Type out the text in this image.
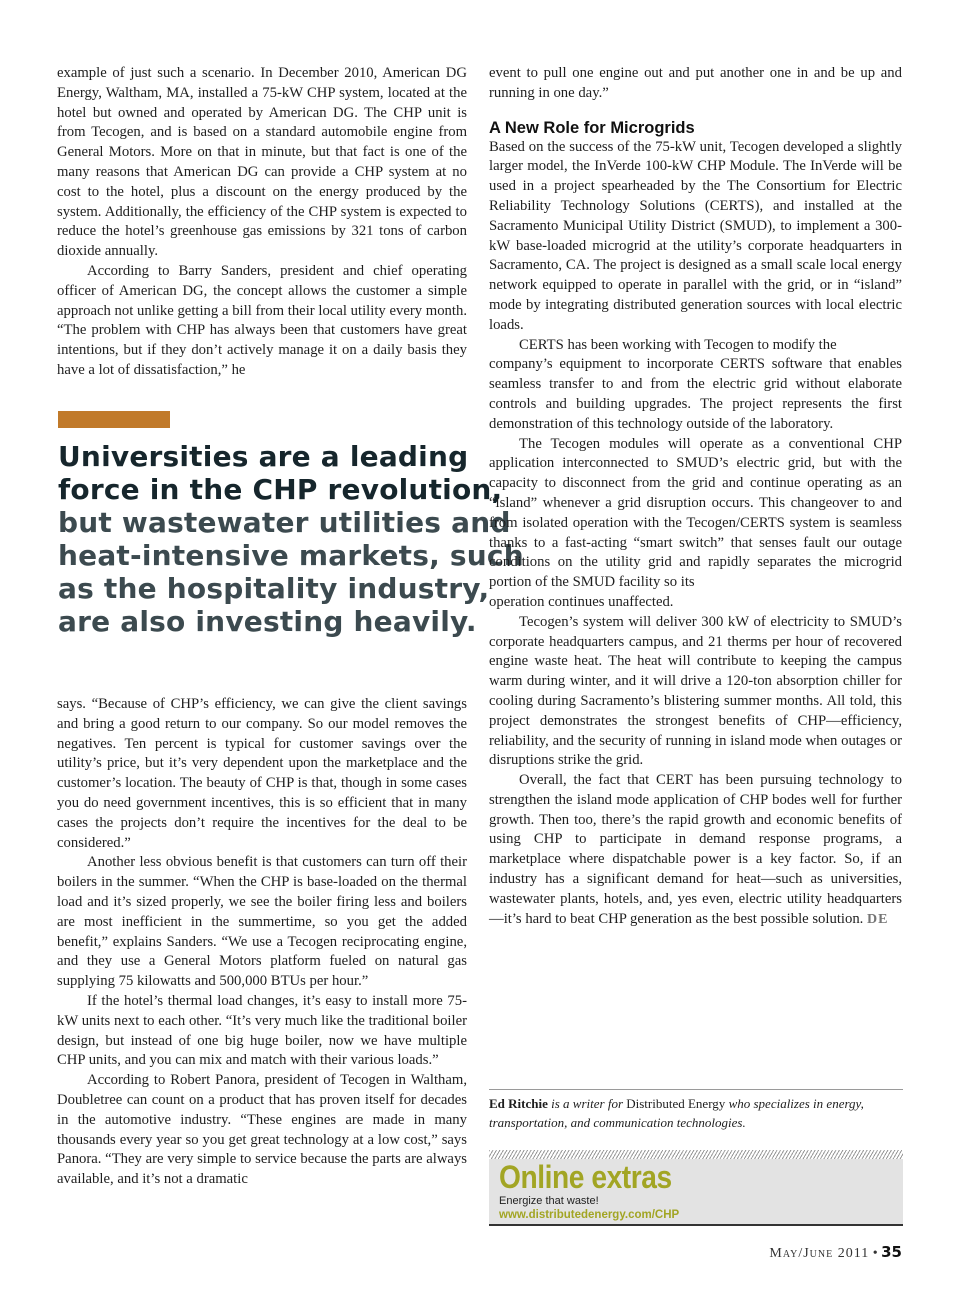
example of just such a scenario. In December 2010, American DG Energy, Waltham, MA, installed a 75-kW CHP system, located at the hotel but owned and operated by American DG. The CHP unit is from Tecogen, and is based on a standard automobile engine from General Motors. More on that in minute, but that fact is one of the many reasons that American DG can provide a CHP system at no cost to the hotel, plus a discount on the energy produced by the system. Additionally, the efficiency of the CHP system is expected to reduce the hotel’s greenhouse gas emissions by 321 tons of carbon dioxide annually.

According to Barry Sanders, president and chief operating officer of American DG, the concept allows the customer a simple approach not unlike getting a bill from their local utility every month. “The problem with CHP has always been that customers have great intentions, but if they don’t actively manage it on a daily basis they have a lot of dissatisfaction,” he

Universities are a leading force in the CHP revolution, but wastewater utilities and heat-intensive markets, such as the hospitality industry, are also investing heavily.

says. “Because of CHP’s efficiency, we can give the client savings and bring a good return to our company. So our model removes the negatives. Ten percent is typical for customer savings over the utility’s price, but it’s very dependent upon the marketplace and the customer’s location. The beauty of CHP is that, though in some cases you do need government incentives, this is so efficient that in many cases the projects don’t require the incentives for the deal to be considered.”

Another less obvious benefit is that customers can turn off their boilers in the summer. “When the CHP is base-loaded on the thermal load and it’s sized properly, we see the boiler firing less and boilers are most inefficient in the summertime, so you get the added benefit,” explains Sanders. “We use a Tecogen reciprocating engine, and they use a General Motors platform fueled on natural gas supplying 75 kilowatts and 500,000 BTUs per hour.”

If the hotel’s thermal load changes, it’s easy to install more 75-kW units next to each other. “It’s very much like the traditional boiler design, but instead of one big huge boiler, now we have multiple CHP units, and you can mix and match with their various loads.”

According to Robert Panora, president of Tecogen in Waltham, Doubletree can count on a product that has proven itself for decades in the automotive industry. “These engines are made in many thousands every year so you get great technology at a low cost,” says Panora. “They are very simple to service because the parts are always available, and it’s not a dramatic

event to pull one engine out and put another one in and be up and running in one day.”

A New Role for Microgrids

Based on the success of the 75-kW unit, Tecogen developed a slightly larger model, the InVerde 100-kW CHP Module. The InVerde will be used in a project spearheaded by the The Consortium for Electric Reliability Technology Solutions (CERTS), and installed at the Sacramento Municipal Utility District (SMUD), to implement a 300-kW base-loaded microgrid at the utility’s corporate headquarters in Sacramento, CA. The project is designed as a small scale local energy network equipped to operate in parallel with the grid, or in “island” mode by integrating distributed generation sources with local electric loads.

CERTS has been working with Tecogen to modify the

company’s equipment to incorporate CERTS software that enables seamless transfer to and from the electric grid without elaborate controls and building upgrades. The project represents the first demonstration of this technology outside of the laboratory.

The Tecogen modules will operate as a conventional CHP application interconnected to SMUD’s electric grid, but with the capacity to disconnect from the grid and continue operating as an “island” whenever a grid disruption occurs. This changeover to and from isolated operation with the Tecogen/CERTS system is seamless thanks to a fast-acting “smart switch” that senses fault our outage conditions on the utility grid and rapidly separates the microgrid portion of the SMUD facility so its

operation continues unaffected.

Tecogen’s system will deliver 300 kW of electricity to SMUD’s corporate headquarters campus, and 21 therms per hour of recovered engine waste heat. The heat will contribute to keeping the campus warm during winter, and it will drive a 120-ton absorption chiller for cooling during Sacramento’s blistering summer months. All told, this project demonstrates the strongest benefits of CHP—efficiency, reliability, and the security of running in island mode when outages or disruptions strike the grid.

Overall, the fact that CERT has been pursuing technology to strengthen the island mode application of CHP bodes well for further growth. Then too, there’s the rapid growth and economic benefits of using CHP to participate in demand response programs, a marketplace where dispatchable power is a key factor. So, if an industry has a significant demand for heat—such as universities, wastewater plants, hotels, and, yes even, electric utility headquarters—it’s hard to beat CHP generation as the best possible solution. DE

Ed Ritchie is a writer for Distributed Energy who specializes in energy, transportation, and communication technologies.
Online extras
Energize that waste!
www.distributedenergy.com/CHP
May/June 2011 • 35
